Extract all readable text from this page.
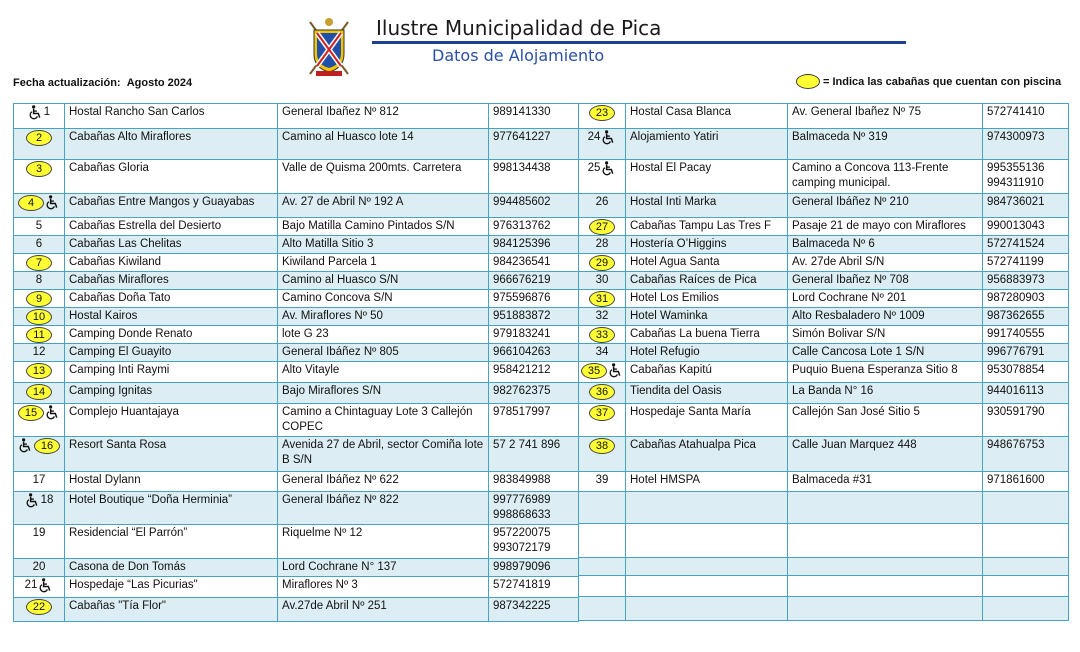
Ilustre Municipalidad de Pica
Datos de Alojamiento
Fecha actualización: Agosto 2024	= Indica las cabañas que cuentan con piscina
1	Hostal Rancho San Carlos	General Ibañez Nº 812	989141330

2	Cabañas Alto Miraflores	Camino al Huasco lote 14	977641227

3	Cabañas Gloria	Valle de Quisma 200mts. Carretera	998134438

4	Cabañas Entre Mangos y Guayabas	Av. 27 de Abril Nº 192 A	994485602

5	Cabañas Estrella del Desierto	Bajo Matilla Camino Pintados S/N	976313762

6	Cabañas Las Chelitas	Alto Matilla Sitio 3	984125396

7	Cabañas Kiwiland	Kiwiland Parcela 1	984236541

8	Cabañas Miraflores	Camino al Huasco S/N	966676219

9	Cabañas Doña Tato	Camino Concova S/N	975596876

10	Hostal Kairos	Av. Miraflores Nº 50	951883872

11	Camping Donde Renato	lote G 23	979183241

12	Camping El Guayito	General Ibáñez Nº 805	966104263

13	Camping Inti Raymi	Alto Vitayle	958421212

14	Camping Ignitas	Bajo Miraflores S/N	982762375

15	Complejo Huantajaya	Camino a Chintaguay Lote 3 Callejón COPEC	978517997

16	Resort Santa Rosa	Avenida 27 de Abril, sector Comiña lote B S/N	57 2 741 896

17	Hostal Dylann	General Ibáñez Nº 622	983849988

18	Hotel Boutique “Doña Herminia”	General Ibáñez Nº 822	997776989
998868633

19	Residencial “El Parrón”	Riquelme Nº 12	957220075
993072179

20	Casona de Don Tomás	Lord Cochrane N° 137	998979096

21	Hospedaje “Las Picurias"	Miraflores Nº 3	572741819

22	Cabañas "Tía Flor"	Av.27de Abril Nº 251	987342225
23	Hostal Casa Blanca	Av. General Ibañez Nº 75	572741410

24	Alojamiento Yatiri	Balmaceda Nº 319	974300973

25	Hostal El Pacay	Camino a Concova 113-Frente camping municipal.	995355136
994311910

26	Hostal Inti Marka	General Ibáñez Nº 210	984736021

27	Cabañas Tampu Las Tres F	Pasaje 21 de mayo con Miraflores	990013043

28	Hostería O’Higgins	Balmaceda Nº 6	572741524

29	Hotel Agua Santa	Av. 27de Abril S/N	572741199

30	Cabañas Raíces de Pica	General Ibañez Nº 708	956883973

31	Hotel Los Emilios	Lord Cochrane Nº 201	987280903

32	Hotel Waminka	Alto Resbaladero Nº 1009	987362655

33	Cabañas La buena Tierra	Simón Bolivar S/N	991740555

34	Hotel Refugio	Calle Cancosa Lote 1 S/N	996776791

35	Cabañas Kapitú	Puquio Buena Esperanza Sitio 8	953078854

36	Tiendita del Oasis	La Banda N° 16	944016113

37	Hospedaje Santa María	Callejón San José Sitio 5	930591790

38	Cabañas Atahualpa Pica	Calle Juan Marquez 448	948676753

39	Hotel HMSPA	Balmaceda #31	971861600
